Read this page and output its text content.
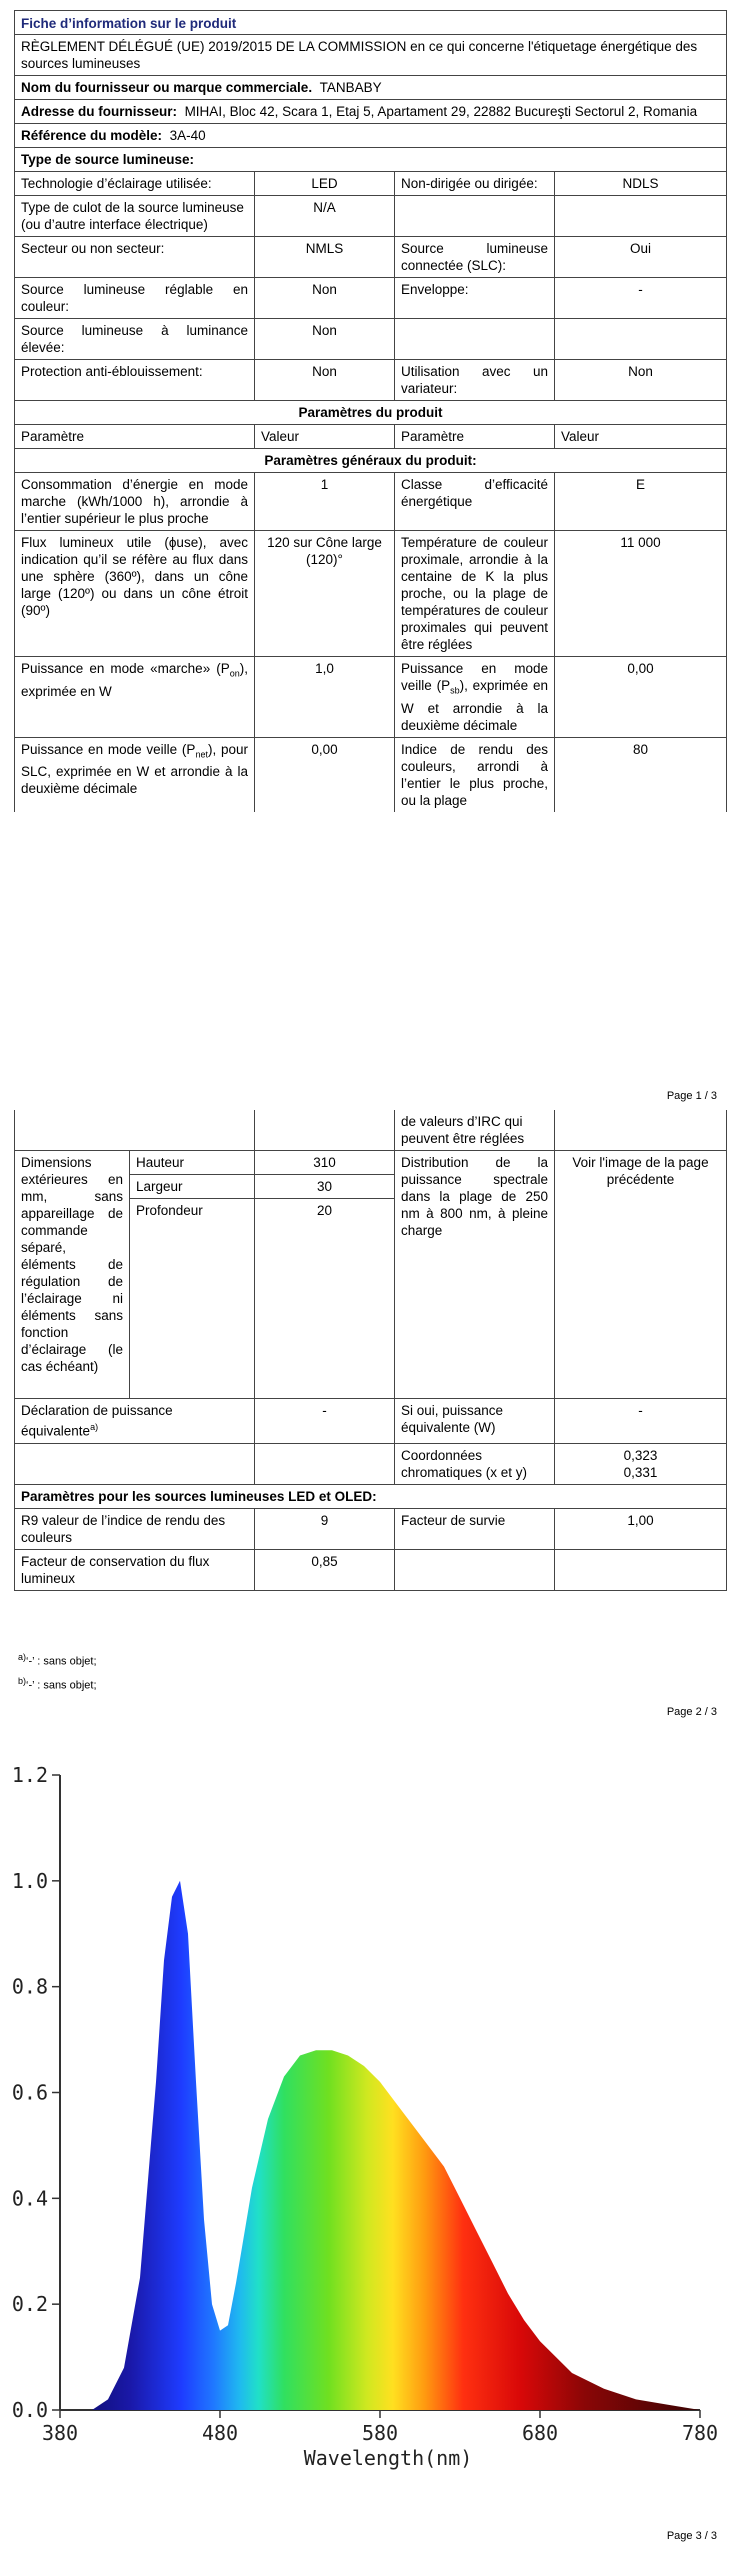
Fiche d’information sur le produit			
RÈGLEMENT DÉLÉGUÉ (UE) 2019/2015 DE LA COMMISSION en ce qui concerne l'étiquetage énergétique des sources lumineuses			
Nom du fournisseur ou marque commerciale. TANBABY			
Adresse du fournisseur: MIHAI, Bloc 42, Scara 1, Etaj 5, Apartament 29, 22882 Bucureşti Sectorul 2, Romania			
Référence du modèle: 3A-40			
Type de source lumineuse:			
Technologie d’éclairage utilisée:	LED	Non-dirigée ou dirigée:	NDLS
Type de culot de la source lumineuse
(ou d’autre interface électrique)	N/A		
Secteur ou non secteur:	NMLS	Source lumineuse connectée (SLC):	Oui
Source lumineuse réglable en couleur:	Non	Enveloppe:	-
Source lumineuse à luminance élevée:	Non		
Protection anti-éblouissement:	Non	Utilisation avec un variateur:	Non
Paramètres du produit			
Paramètre	Valeur	Paramètre	Valeur
Paramètres généraux du produit:			
Consommation d’énergie en mode marche (kWh/1000 h), arrondie à l’entier supérieur le plus proche	1	Classe d’efficacité énergétique	E
Flux lumineux utile (ϕuse), avec indication qu’il se réfère au flux dans une sphère (360º), dans un cône large (120º) ou dans un cône étroit (90º)	120 sur Cône large (120)°	Température de couleur proximale, arrondie à la centaine de K la plus proche, ou la plage de températures de couleur proximales qui peuvent être réglées	11 000
Puissance en mode «marche» $(P_{on})$, exprimée en W	1,0	Puissance en mode veille $(P_{sb})$, exprimée en W et arrondie à la deuxième décimale	0,00
Puissance en mode veille $(P_{net})$, pour SLC, exprimée en W et arrondie à la deuxième décimale	0,00	Indice de rendu des couleurs, arrondi à l’entier le plus proche, ou la plage	80
Page 1 / 3
			de valeurs d’IRC qui peuvent être réglées	
Dimensions extérieures en mm, sans appareillage de commande séparé, éléments de régulation de l’éclairage ni éléments sans fonction d’éclairage (le cas échéant)	Hauteur	310	Distribution de la puissance spectrale dans la plage de 250 nm à 800 nm, à pleine charge	Voir l'image de la page précédente
	Largeur	30		
	Profondeur	20		
Déclaration de puissance équivalente$^{a)}$		-	Si oui, puissance équivalente (W)	-
			Coordonnées chromatiques (x et y)	0,323
0,331

Paramètres pour les sources lumineuses LED et OLED:				
R9 valeur de l’indice de rendu des couleurs		9	Facteur de survie	1,00
Facteur de conservation du flux lumineux		0,85		
$^{a)}$‘-’ : sans objet;
$^{b)}$‘-’ : sans objet;
Page 2 / 3
380	480	580	680	780
0.0
0.2
0.4
0.6
0.8
1.0
1.2
Wavelength(nm)
Page 3 / 3
